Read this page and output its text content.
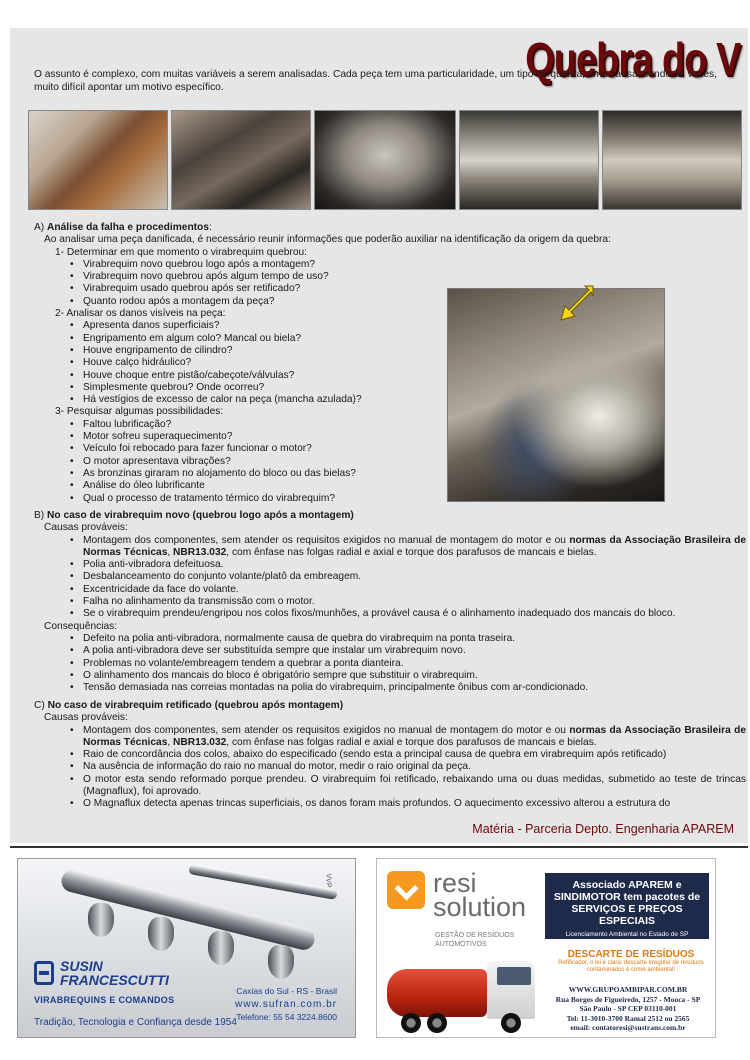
Quebra do V
O assunto é complexo, com muitas variáveis a serem analisadas. Cada peça tem uma particularidade, um tipo de quebra, uma causa, sendo às vezes, muito difícil apontar um motivo específico.
A) Análise da falha e procedimentos:
Ao analisar uma peça danificada, é necessário reunir informações que poderão auxiliar na identificação da origem da quebra:
1- Determinar em que momento o virabrequim quebrou:
• Virabrequim novo quebrou logo após a montagem?
• Virabrequim novo quebrou após algum tempo de uso?
• Virabrequim usado quebrou após ser retificado?
• Quanto rodou após a montagem da peça?
2- Analisar os danos visíveis na peça:
• Apresenta danos superficiais?
• Engripamento em algum colo? Mancal ou biela?
• Houve engripamento de cilindro?
• Houve calço hidráulico?
• Houve choque entre pistão/cabeçote/válvulas?
• Simplesmente quebrou? Onde ocorreu?
• Há vestígios de excesso de calor na peça (mancha azulada)?
3- Pesquisar algumas possibilidades:
• Faltou lubrificação?
• Motor sofreu superaquecimento?
• Veículo foi rebocado para fazer funcionar o motor?
• O motor apresentava vibrações?
• As bronzinas giraram no alojamento do bloco ou das bielas?
• Análise do óleo lubrificante
• Qual o processo de tratamento térmico do virabrequim?
B) No caso de virabrequim novo (quebrou logo após a montagem)
Causas prováveis:
• Montagem dos componentes, sem atender os requisitos exigidos no manual de montagem do motor e ou normas da Associação Brasileira de Normas Técnicas, NBR13.032, com ênfase nas folgas radial e axial e torque dos parafusos de mancais e bielas.
• Polia anti-vibradora defeituosa.
• Desbalanceamento do conjunto volante/platô da embreagem.
• Excentricidade da face do volante.
• Falha no alinhamento da transmissão com o motor.
• Se o virabrequim prendeu/engripou nos colos fixos/munhões, a provável causa é o alinhamento inadequado dos mancais do bloco.
Consequências:
• Defeito na polia anti-vibradora, normalmente causa de quebra do virabrequim na ponta traseira.
• A polia anti-vibradora deve ser substituída sempre que instalar um virabrequim novo.
• Problemas no volante/embreagem tendem a quebrar a ponta dianteira.
• O alinhamento dos mancais do bloco é obrigatório sempre que substituir o virabrequim.
• Tensão demasiada nas correias montadas na polia do virabrequim, principalmente ônibus com ar-condicionado.
C) No caso de virabrequim retificado (quebrou após montagem)
Causas prováveis:
• Montagem dos componentes, sem atender os requisitos exigidos no manual de montagem do motor e ou normas da Associação Brasileira de Normas Técnicas, NBR13.032, com ênfase nas folgas radial e axial e torque dos parafusos de mancais e bielas.
• Raio de concordância dos colos, abaixo do especificado (sendo esta a principal causa de quebra em virabrequim após retificado)
• Na ausência de informação do raio no manual do motor, medir o raio original da peça.
• O motor esta sendo reformado porque prendeu. O virabrequim foi retificado, rebaixando uma ou duas medidas, submetido ao teste de trincas (Magnaflux), foi aprovado.
• O Magnaflux detecta apenas trincas superficiais, os danos foram mais profundos. O aquecimento excessivo alterou a estrutura do
Matéria - Parceria Depto. Engenharia APAREM
VVP
SUSIN
FRANCESCUTTI
VIRABREQUINS E COMANDOS
Tradição, Tecnologia e Confiança desde 1954
Caxias do Sul - RS - Brasil
www.sufran.com.br
Telefone: 55 54 3224.8600
resi
solution
GESTÃO DE RESÍDUOS
AUTOMOTIVOS
Associado APAREM e SINDIMOTOR tem pacotes de SERVIÇOS E PREÇOS ESPECIAIS
Licenciamento Ambiental no Estado de SP
DESCARTE DE RESÍDUOS
Refificador, o lei é clara: descarte irregular de resíduos contaminados é crime ambiental!
WWW.GRUPOAMBIPAR.COM.BR
Rua Borges de Figueiredo, 1257 - Mooca - SP
São Paulo - SP CEP 03110-001
Tel: 11-3010-3700 Ramal 2512 ou 2565
email: contatoresi@sustrans.com.br
